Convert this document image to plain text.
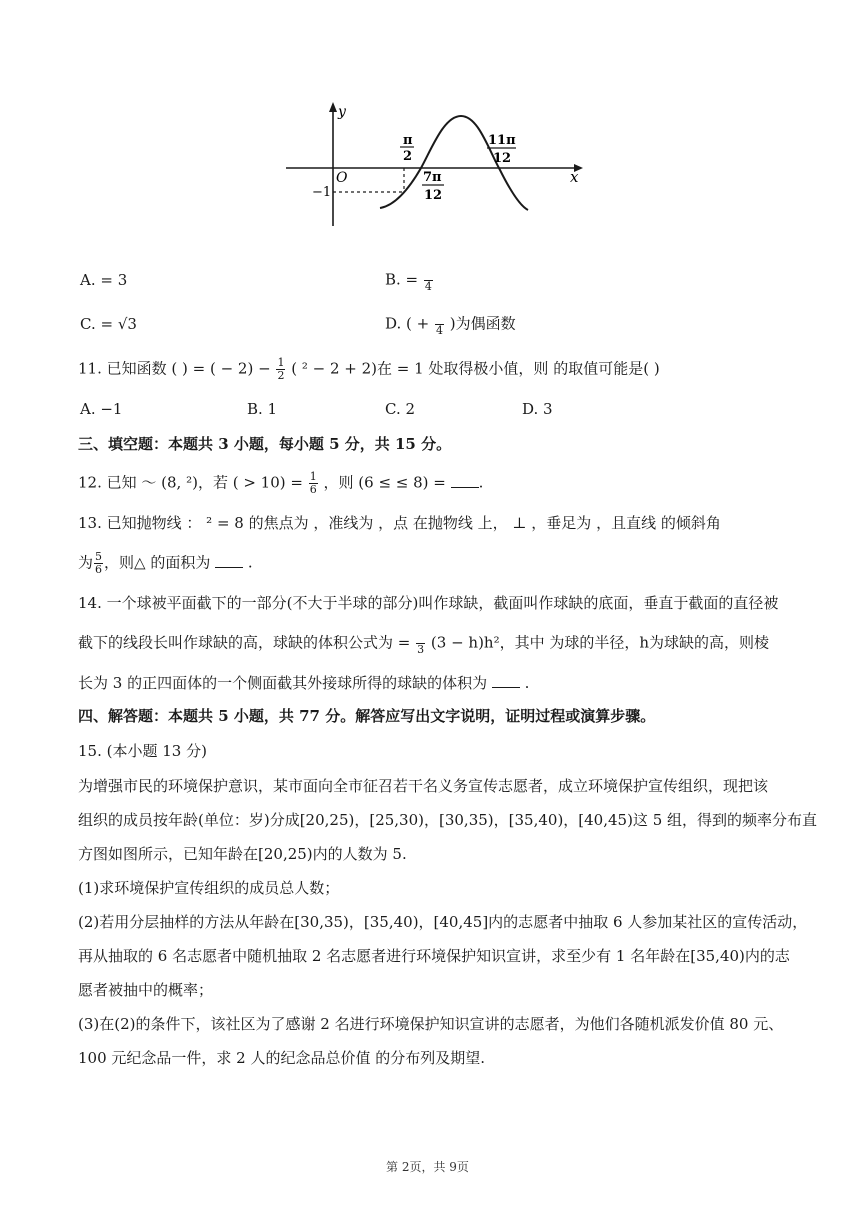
y
x
O
−1
π
2
7π
12
11π
12
A. = 3	B. =
4
C. = √3	D. ( +
4 )为偶函数
11. 已知函数 ( ) = ( − $2) - \frac{1}{2}$ ( ² − 2 + 2)在 = 1 处取得极小值，则 的取值可能是( )
A. −1	B. 1	C. 2	D. 3
三、填空题：本题共 3 小题，每小题 5 分，共 15 分。
12. 已知 ～ (8, ²)，若 ( > $10) = \frac{1}{6}$ ，则 (6 ≤ ≤ 8) = .
13. 已知抛物线 ： ² = 8 的焦点为 ，准线为 ，点 在抛物线 上， ⊥ ，垂足为 ，且直线 的倾斜角
为 $\frac{5}{6}$ ，则△ 的面积为  .
14. 一个球被平面截下的一部分(不大于半球的部分)叫作球缺，截面叫作球缺的底面，垂直于截面的直径被
截下的线段长叫作球缺的高，球缺的体积公式为 =
3 (3 − h)h²，其中 为球的半径，h为球缺的高，则棱
长为 3 的正四面体的一个侧面截其外接球所得的球缺的体积为  .
四、解答题：本题共 5 小题，共 77 分。解答应写出文字说明，证明过程或演算步骤。
15. (本小题 13 分)
为增强市民的环境保护意识，某市面向全市征召若干名义务宣传志愿者，成立环境保护宣传组织，现把该
组织的成员按年龄(单位：岁)分成[20,25)，[25,30)，[30,35)，[35,40)，[40,45)这 5 组，得到的频率分布直
方图如图所示，已知年龄在[20,25)内的人数为 5.
(1)求环境保护宣传组织的成员总人数；
(2)若用分层抽样的方法从年龄在[30,35)，[35,40)，[40,45]内的志愿者中抽取 6 人参加某社区的宣传活动，
再从抽取的 6 名志愿者中随机抽取 2 名志愿者进行环境保护知识宣讲，求至少有 1 名年龄在[35,40)内的志
愿者被抽中的概率；
(3)在(2)的条件下，该社区为了感谢 2 名进行环境保护知识宣讲的志愿者，为他们各随机派发价值 80 元、
100 元纪念品一件，求 2 人的纪念品总价值 的分布列及期望.
第 2页，共 9页
